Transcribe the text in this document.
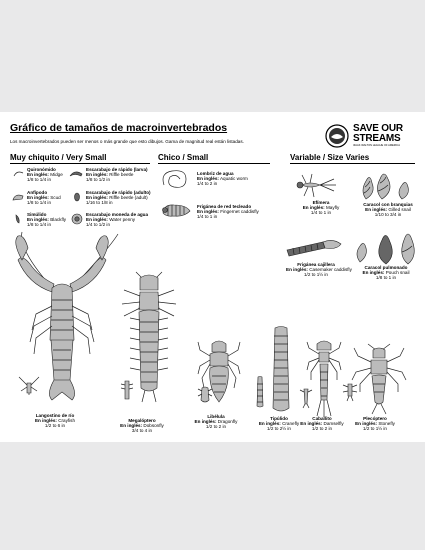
Gráfico de tamaños de macroinvertebrados
Los macroinvertebrados pueden ser menos o más grande que esto dibujos. Gama de magnitud real están listadas.
SAVE OUR
STREAMS
IZAAK WALTON LEAGUE OF AMERICA
Muy chiquito / Very Small	Chico / Small	Variable / Size Varies
Quironómido
En inglés: Midge
1/8 to 1/4 in
Anfípodo
En inglés: Scud
1/8 to 1/4 in
Simúlido
En inglés: Blackfly
1/8 to 1/4 in
Escarabajo de rápido (larva)
En inglés: Riffle beetle
1/8 to 1/2 in
Escarabajo de rápido (adulto)
En inglés: Riffle beetle (adult)
1/16 to 1/8 in
Escarabajo moneda de agua
En inglés: Water penny
1/4 to 1/2 in
Lombriz de agua
En inglés: Aquatic worm
1/4 to 2 in
Frigánea de red tecleado
En inglés: Fingernet caddisfly
1/4 to 1 in
Efímera
En inglés: Mayfly
1/4 to 1 in
Caracol con branquias
En inglés: Gilled snail
1/10 to 3/4 in
Frigánea cajillera
En inglés: Casemaker caddisfly
1/2 to 1½ in
Caracol pulmonado
En inglés: Pouch snail
1/8 to 1 in
Langostino de río
En inglés: Crayfish
1/2 to 6 in
Megalóptero
En inglés: Dobsonfly
3/4 to 4 in
Libélula
En inglés: Dragonfly
1/2 to 2 in
Tipúlido
En inglés: Cranefly
1/2 to 2½ in
Caballito
En inglés: Damselfly
1/2 to 2 in
Plecóptero
En inglés: Stonefly
1/2 to 1½ in
